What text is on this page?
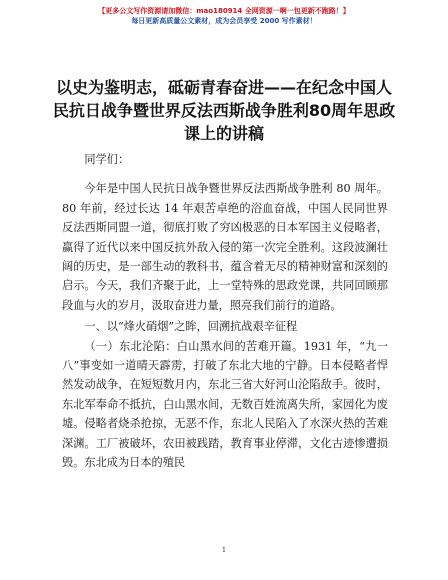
【更多公文写作资源请加微信：mao180914 全网资源一啊一包更新不跑路！】
每日更新高质量公文素材，成为会员享受 2000 写作素材！
以史为鉴明志，砥砺青春奋进——在纪念中国人民抗日战争暨世界反法西斯战争胜利80周年思政课上的讲稿

同学们：

今年是中国人民抗日战争暨世界反法西斯战争胜利 80 周年。80 年前，经过长达 14 年艰苦卓绝的浴血奋战，中国人民同世界反法西斯同盟一道，彻底打败了穷凶极恶的日本军国主义侵略者，赢得了近代以来中国反抗外敌入侵的第一次完全胜利。这段波澜壮阔的历史，是一部生动的教科书，蕴含着无尽的精神财富和深刻的启示。今天，我们齐聚于此，上一堂特殊的思政党课，共同回顾那段血与火的岁月，汲取奋进力量，照亮我们前行的道路。

一、以“烽火硝烟”之眸，回溯抗战艰辛征程

（一）东北沦陷：白山黑水间的苦难开篇。1931 年，“九一八”事变如一道晴天霹雳，打破了东北大地的宁静。日本侵略者悍然发动战争，在短短数月内，东北三省大好河山沦陷敌手。彼时，东北军奉命不抵抗，白山黑水间，无数百姓流离失所，家园化为废墟。侵略者烧杀抢掠，无恶不作，东北人民陷入了水深火热的苦难深渊。工厂被破坏，农田被践踏，教育事业停滞，文化古迹惨遭损毁。东北成为日本的殖民

1
